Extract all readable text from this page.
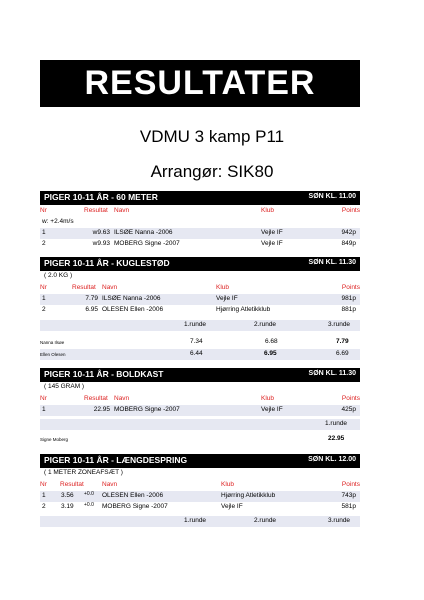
RESULTATER
VDMU 3 kamp P11
Arrangør: SIK80
PIGER 10-11 ÅR - 60 METER	SØN KL. 11.00
Nr	Resultat Navn	Klub	Points
w: +2.4m/s
1	w9.63 ILSØE Nanna -2006	Vejle IF	942p
2	w9.93 MOBERG Signe -2007	Vejle IF	849p
PIGER 10-11 ÅR - KUGLESTØD	SØN KL. 11.30
( 2.0 KG )
Nr	Resultat Navn	Klub	Points
1	7.79 ILSØE Nanna -2006	Vejle IF	981p
2	6.95 OLESEN Ellen -2006	Hjørring Atletikklub	881p
1.runde	2.runde	3.runde
Nanna Ilsøe	7.34	6.68	7.79
Ellen Olesen	6.44	6.95	6.69
PIGER 10-11 ÅR - BOLDKAST	SØN KL. 11.30
( 145 GRAM )
Nr	Resultat Navn	Klub	Points
1	22.95 MOBERG Signe -2007	Vejle IF	425p
1.runde
Signe Moberg	22.95
PIGER 10-11 ÅR - LÆNGDESPRING	SØN KL. 12.00
( 1 METER ZONEAFSÆT )
Nr Resultat	Navn	Klub	Points
1 3.56 +0.0 OLESEN Ellen -2006	Hjørring Atletikklub	743p
2 3.19 +0.0 MOBERG Signe -2007	Vejle IF	581p
1.runde	2.runde	3.runde
